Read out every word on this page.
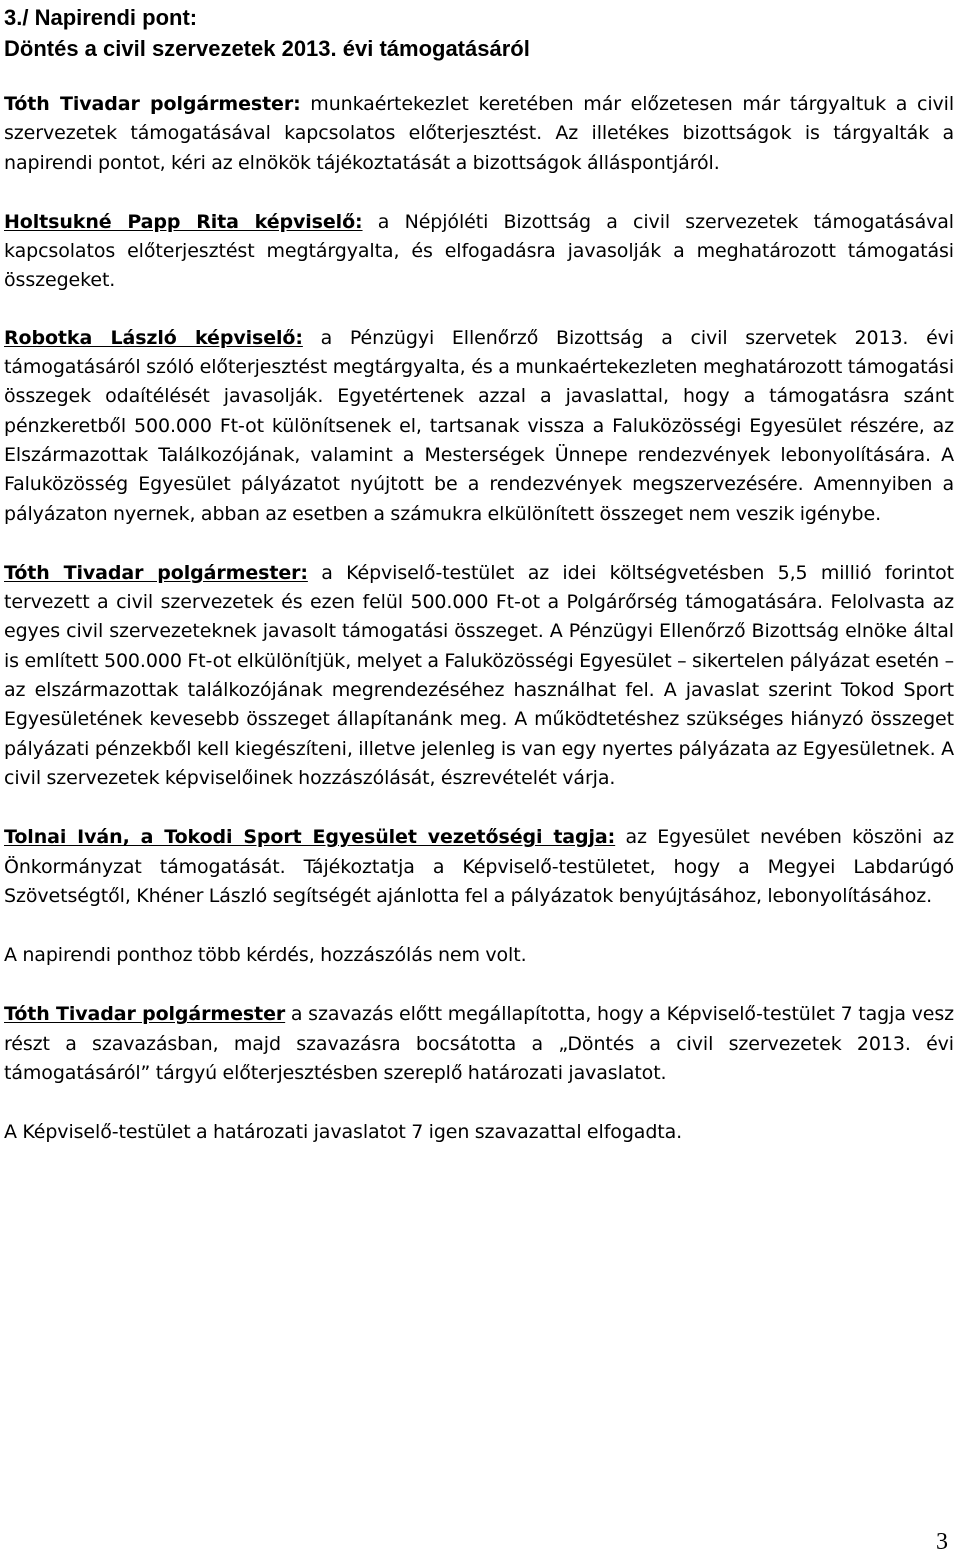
3./ Napirendi pont:
Döntés a civil szervezetek 2013. évi támogatásáról

Tóth Tivadar polgármester: munkaértekezlet keretében már előzetesen már tárgyaltuk a civil szervezetek támogatásával kapcsolatos előterjesztést. Az illetékes bizottságok is tárgyalták a napirendi pontot, kéri az elnökök tájékoztatását a bizottságok álláspontjáról.

Holtsukné Papp Rita képviselő: a Népjóléti Bizottság a civil szervezetek támogatásával kapcsolatos előterjesztést megtárgyalta, és elfogadásra javasolják a meghatározott támogatási összegeket.

Robotka László képviselő: a Pénzügyi Ellenőrző Bizottság a civil szervetek 2013. évi támogatásáról szóló előterjesztést megtárgyalta, és a munkaértekezleten meghatározott támogatási összegek odaítélését javasolják. Egyetértenek azzal a javaslattal, hogy a támogatásra szánt pénzkeretből 500.000 Ft-ot különítsenek el, tartsanak vissza a Faluközösségi Egyesület részére, az Elszármazottak Találkozójának, valamint a Mesterségek Ünnepe rendezvények lebonyolítására. A Faluközösség Egyesület pályázatot nyújtott be a rendezvények megszervezésére. Amennyiben a pályázaton nyernek, abban az esetben a számukra elkülönített összeget nem veszik igénybe.

Tóth Tivadar polgármester: a Képviselő-testület az idei költségvetésben 5,5 millió forintot tervezett a civil szervezetek és ezen felül 500.000 Ft-ot a Polgárőrség támogatására. Felolvasta az egyes civil szervezeteknek javasolt támogatási összeget. A Pénzügyi Ellenőrző Bizottság elnöke által is említett 500.000 Ft-ot elkülönítjük, melyet a Faluközösségi Egyesület – sikertelen pályázat esetén – az elszármazottak találkozójának megrendezéséhez használhat fel. A javaslat szerint Tokod Sport Egyesületének kevesebb összeget állapítanánk meg. A működtetéshez szükséges hiányzó összeget pályázati pénzekből kell kiegészíteni, illetve jelenleg is van egy nyertes pályázata az Egyesületnek. A civil szervezetek képviselőinek hozzászólását, észrevételét várja.

Tolnai Iván, a Tokodi Sport Egyesület vezetőségi tagja: az Egyesület nevében köszöni az Önkormányzat támogatását. Tájékoztatja a Képviselő-testületet, hogy a Megyei Labdarúgó Szövetségtől, Khéner László segítségét ajánlotta fel a pályázatok benyújtásához, lebonyolításához.

A napirendi ponthoz több kérdés, hozzászólás nem volt.

Tóth Tivadar polgármester a szavazás előtt megállapította, hogy a Képviselő-testület 7 tagja vesz részt a szavazásban, majd szavazásra bocsátotta a „Döntés a civil szervezetek 2013. évi támogatásáról” tárgyú előterjesztésben szereplő határozati javaslatot.

A Képviselő-testület a határozati javaslatot 7 igen szavazattal elfogadta.

3
